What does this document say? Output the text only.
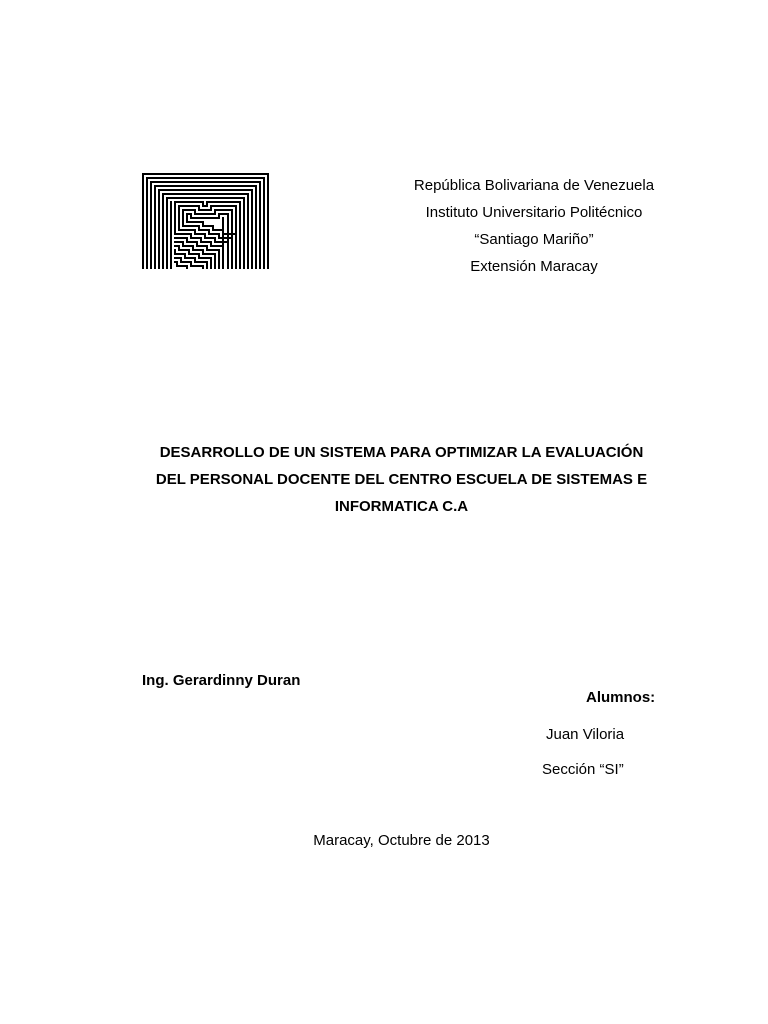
República Bolivariana de Venezuela
Instituto Universitario Politécnico
“Santiago Mariño”
Extensión Maracay
DESARROLLO DE UN SISTEMA PARA OPTIMIZAR LA EVALUACIÓN
DEL PERSONAL DOCENTE DEL CENTRO ESCUELA DE SISTEMAS E
INFORMATICA C.A
Ing. Gerardinny Duran
Alumnos:
Juan Viloria
Sección “SI”
Maracay, Octubre de 2013
